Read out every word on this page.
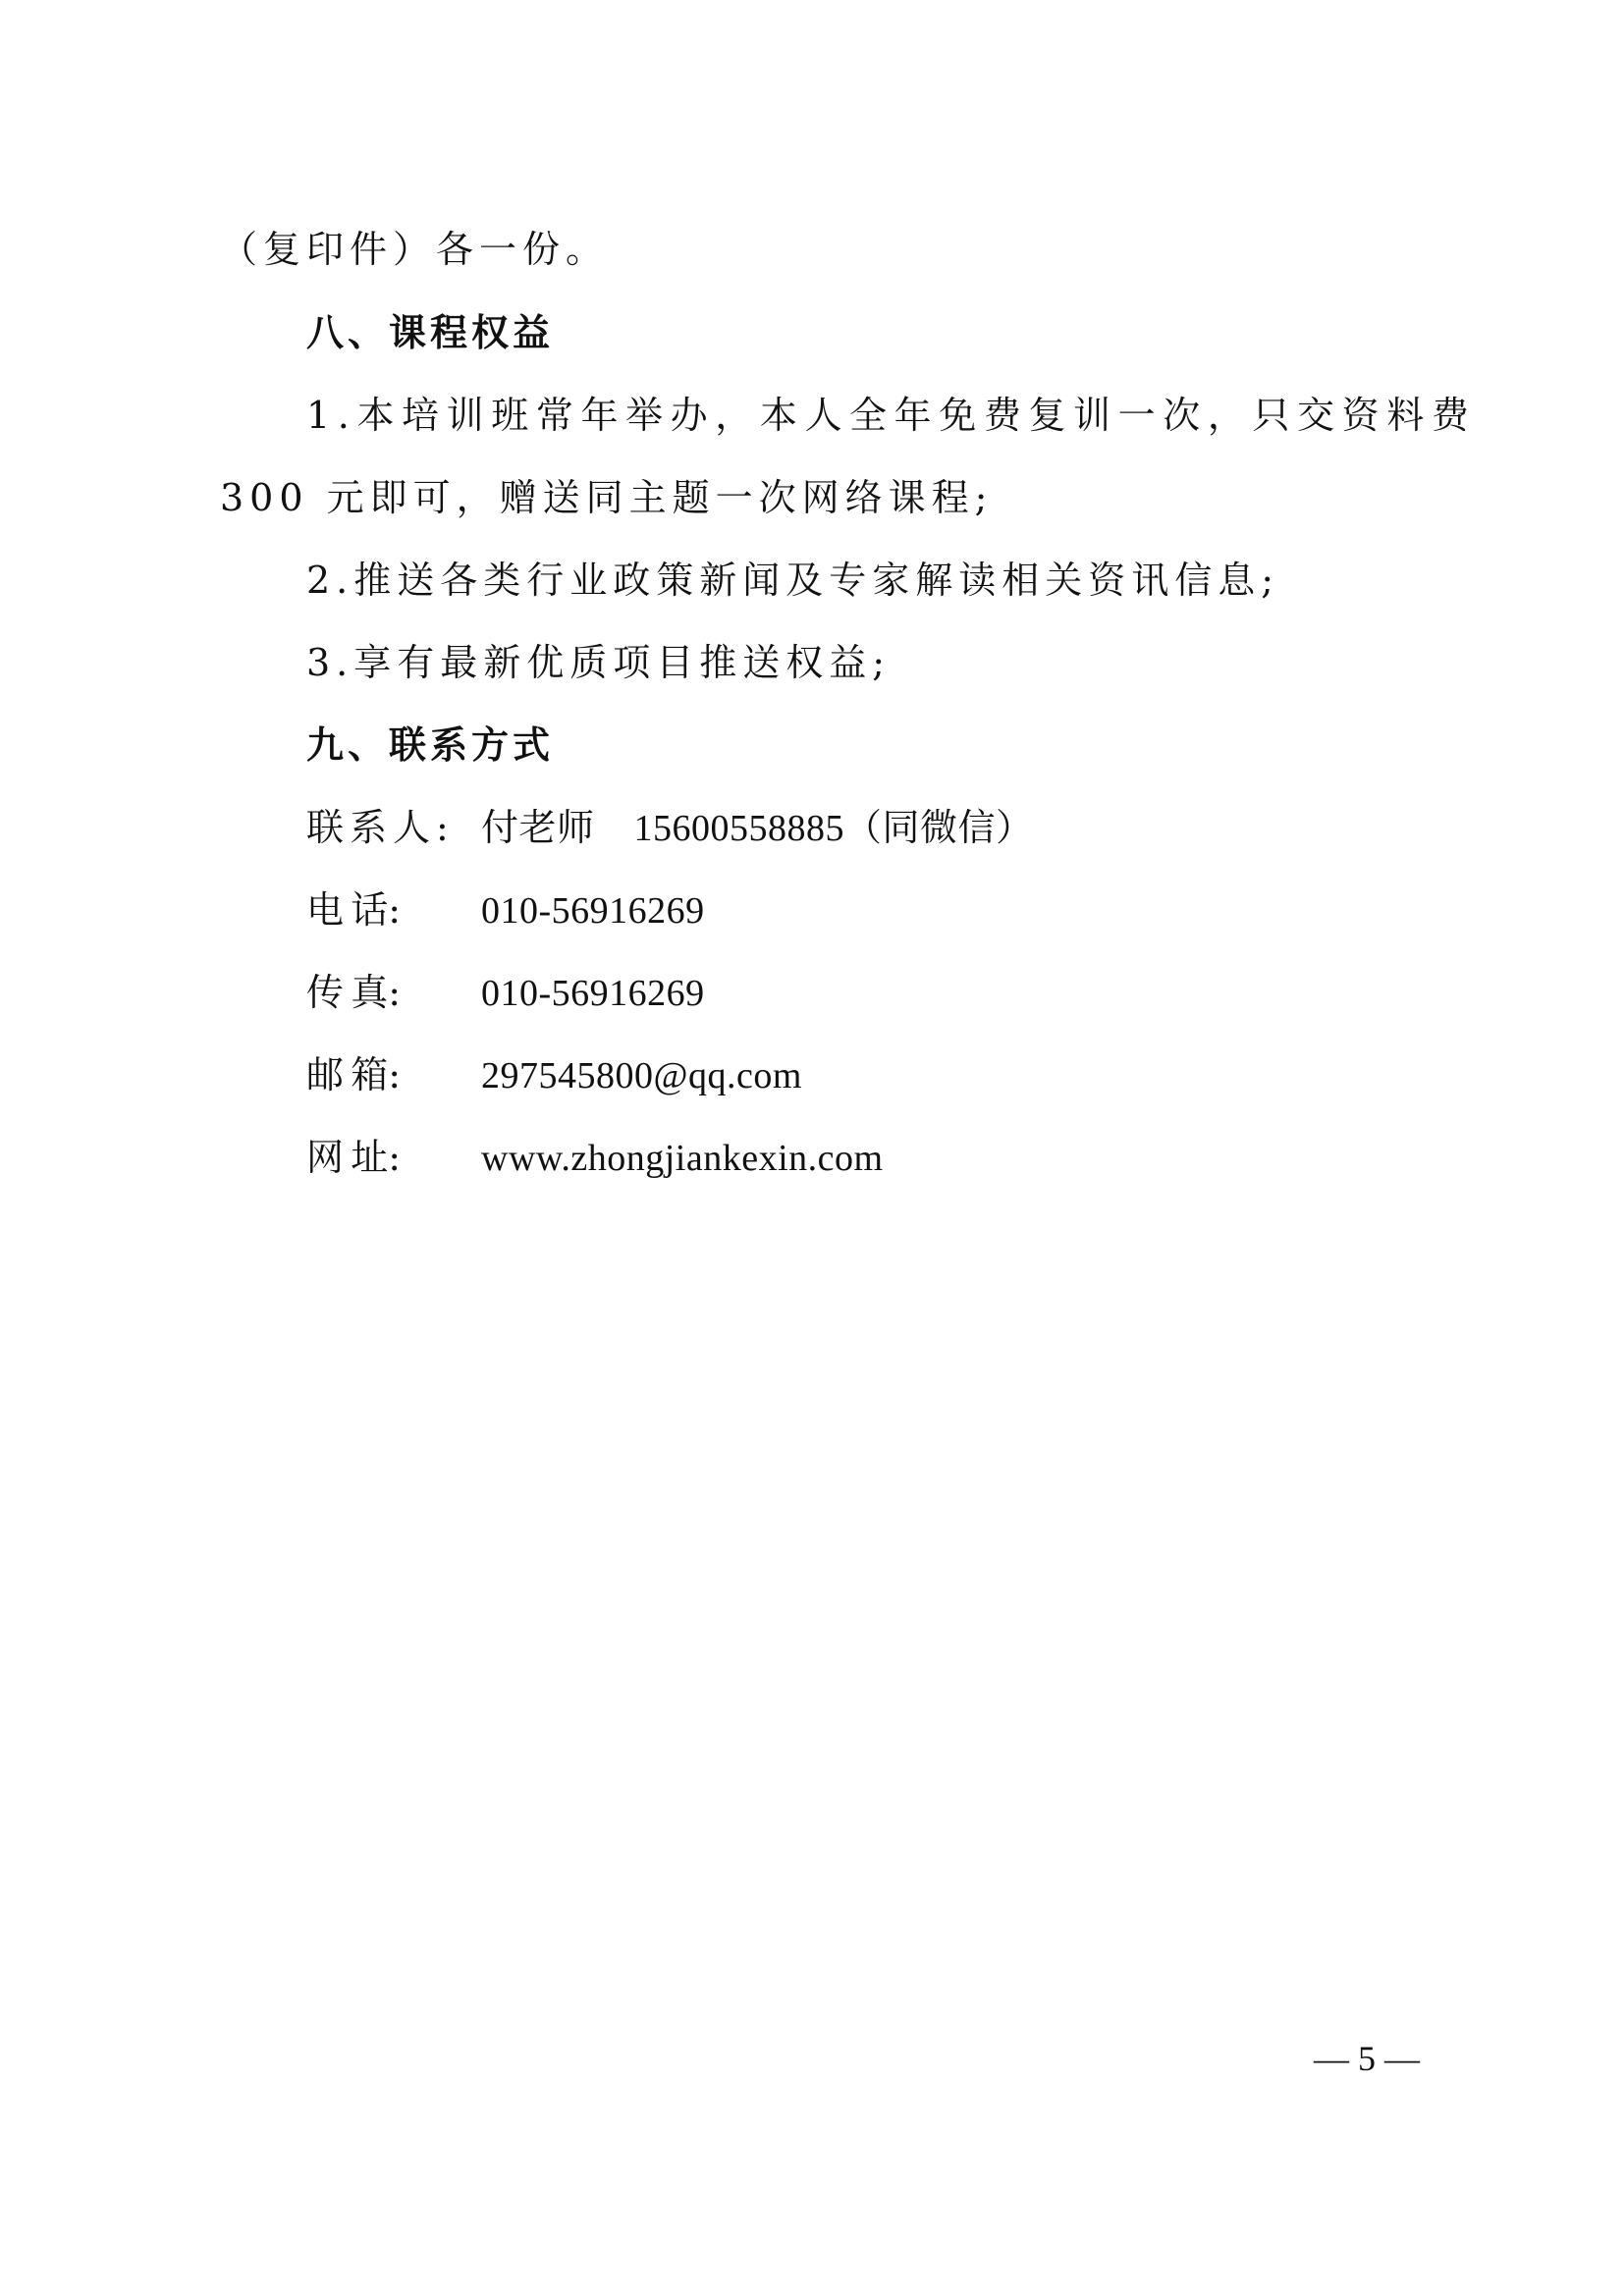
（复印件）各一份。
八、课程权益
1.本培训班常年举办，本人全年免费复训一次，只交资料费
300 元即可，赠送同主题一次网络课程;
2.推送各类行业政策新闻及专家解读相关资讯信息;
3.享有最新优质项目推送权益;
九、联系方式
联系人: 付老师    15600558885（同微信）
电 话: 010-56916269
传 真: 010-56916269
邮 箱: 297545800@qq.com
网 址: www.zhongjiankexin.com
— 5 —
